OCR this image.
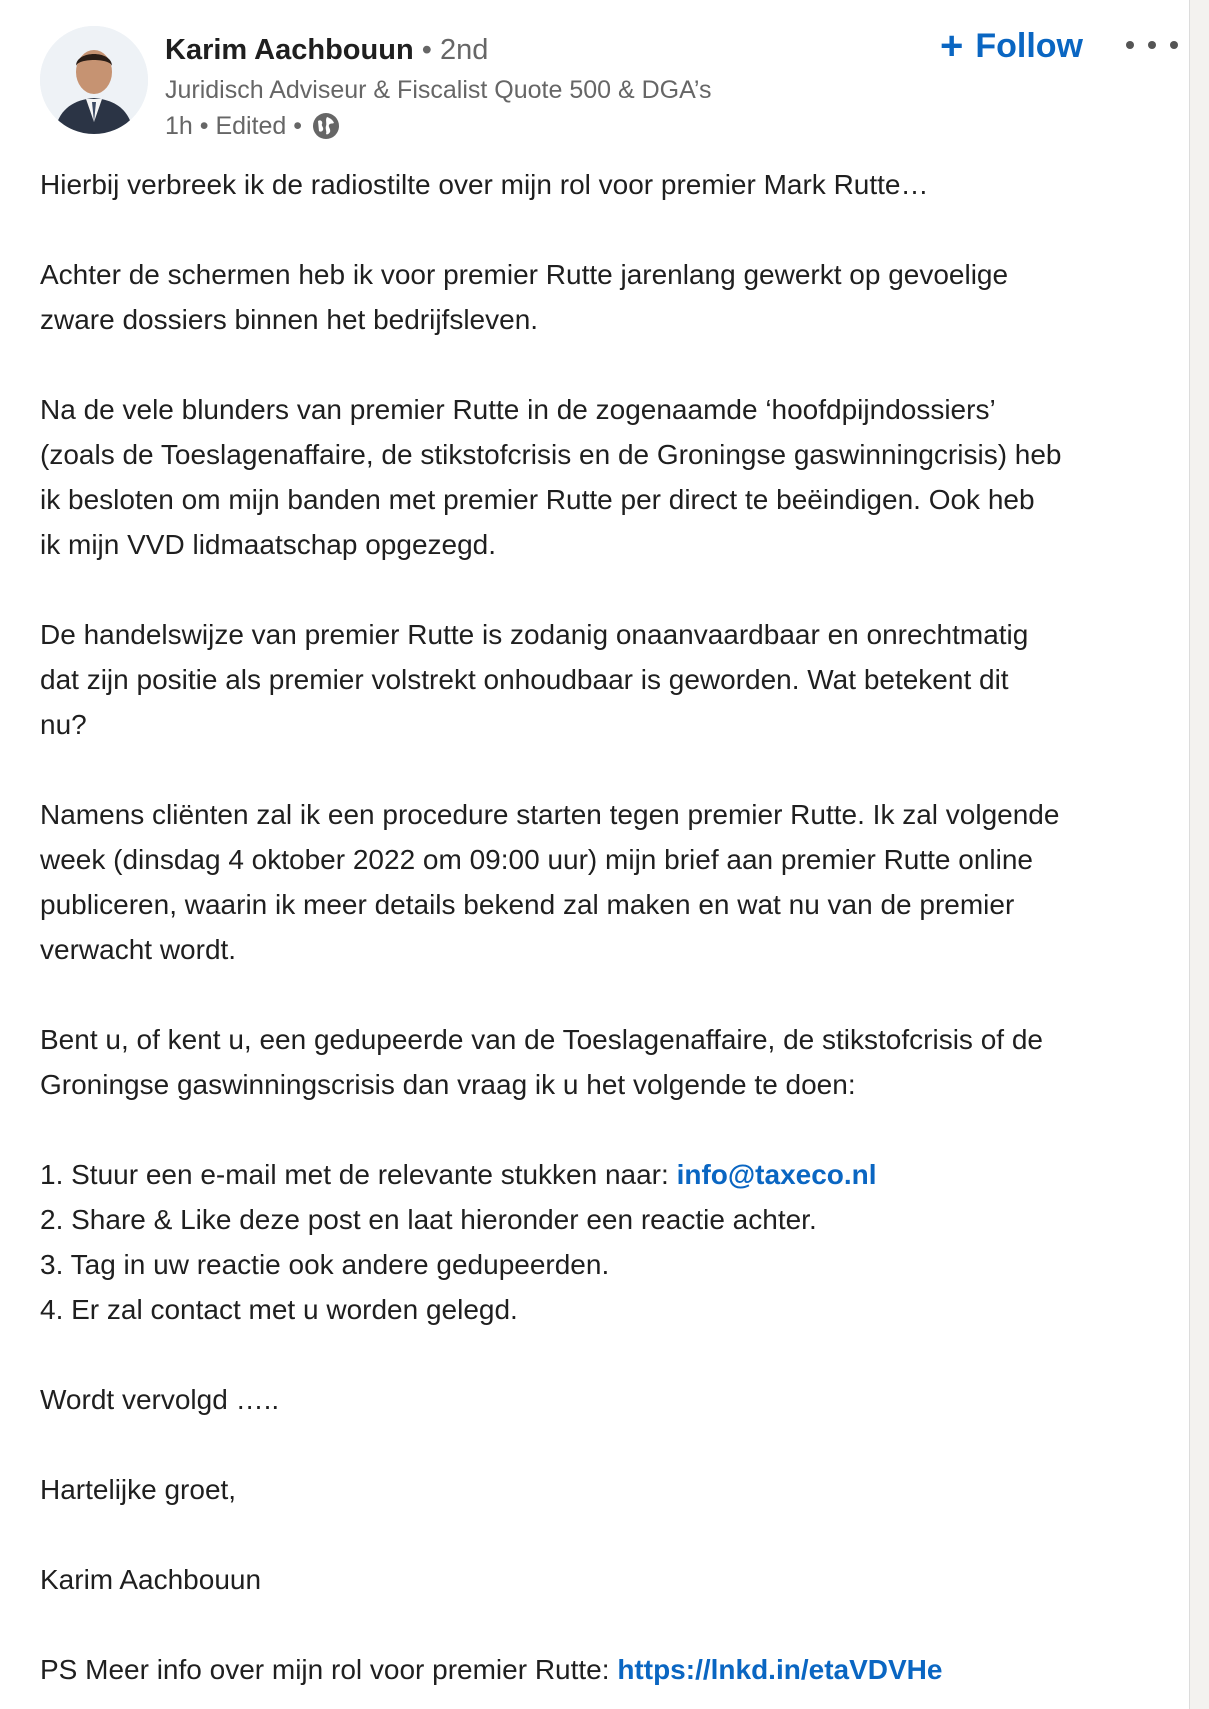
Karim Aachbouun • 2nd
Juridisch Adviseur & Fiscalist Quote 500 & DGA’s
1h • Edited •
+ Follow

Hierbij verbreek ik de radiostilte over mijn rol voor premier Mark Rutte…

Achter de schermen heb ik voor premier Rutte jarenlang gewerkt op gevoelige

zware dossiers binnen het bedrijfsleven.

Na de vele blunders van premier Rutte in de zogenaamde ‘hoofdpijndossiers’

(zoals de Toeslagenaffaire, de stikstofcrisis en de Groningse gaswinningcrisis) heb

ik besloten om mijn banden met premier Rutte per direct te beëindigen. Ook heb

ik mijn VVD lidmaatschap opgezegd.

De handelswijze van premier Rutte is zodanig onaanvaardbaar en onrechtmatig

dat zijn positie als premier volstrekt onhoudbaar is geworden. Wat betekent dit

nu?

Namens cliënten zal ik een procedure starten tegen premier Rutte. Ik zal volgende

week (dinsdag 4 oktober 2022 om 09:00 uur) mijn brief aan premier Rutte online

publiceren, waarin ik meer details bekend zal maken en wat nu van de premier

verwacht wordt.

Bent u, of kent u, een gedupeerde van de Toeslagenaffaire, de stikstofcrisis of de

Groningse gaswinningscrisis dan vraag ik u het volgende te doen:

1. Stuur een e-mail met de relevante stukken naar: info@taxeco.nl

2. Share & Like deze post en laat hieronder een reactie achter.

3. Tag in uw reactie ook andere gedupeerden.

4. Er zal contact met u worden gelegd.

Wordt vervolgd …..

Hartelijke groet,

Karim Aachbouun

PS Meer info over mijn rol voor premier Rutte: https://lnkd.in/etaVDVHe
